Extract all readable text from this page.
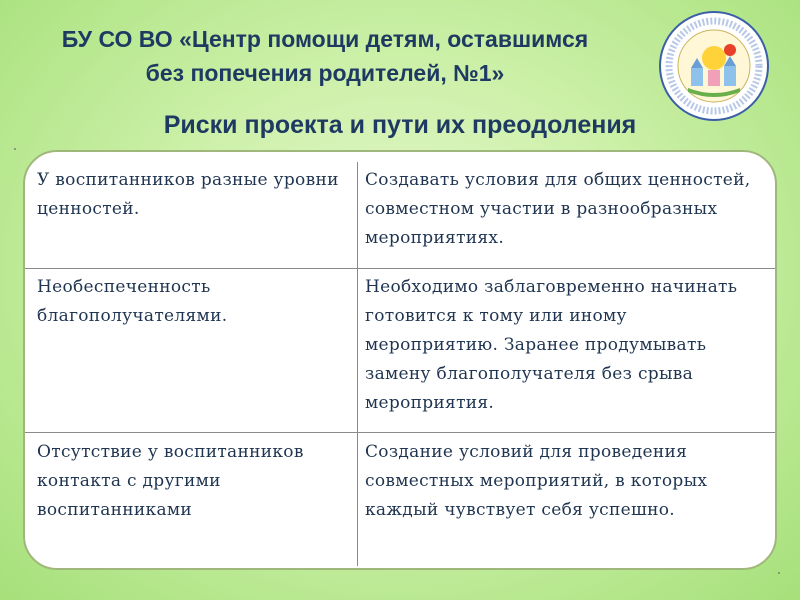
БУ СО ВО «Центр помощи детям, оставшимся
без попечения родителей, №1»
Риски проекта и пути их преодоления
У воспитанников разные уровни ценностей.
Создавать условия для общих ценностей, совместном участии в разнообразных мероприятиях.
Необеспеченность благополучателями.
Необходимо заблаговременно начинать готовится к тому или иному мероприятию. Заранее продумывать замену благополучателя без срыва мероприятия.
Отсутствие у воспитанников контакта с другими воспитанниками
Создание условий для проведения совместных мероприятий, в которых каждый чувствует себя успешно.
